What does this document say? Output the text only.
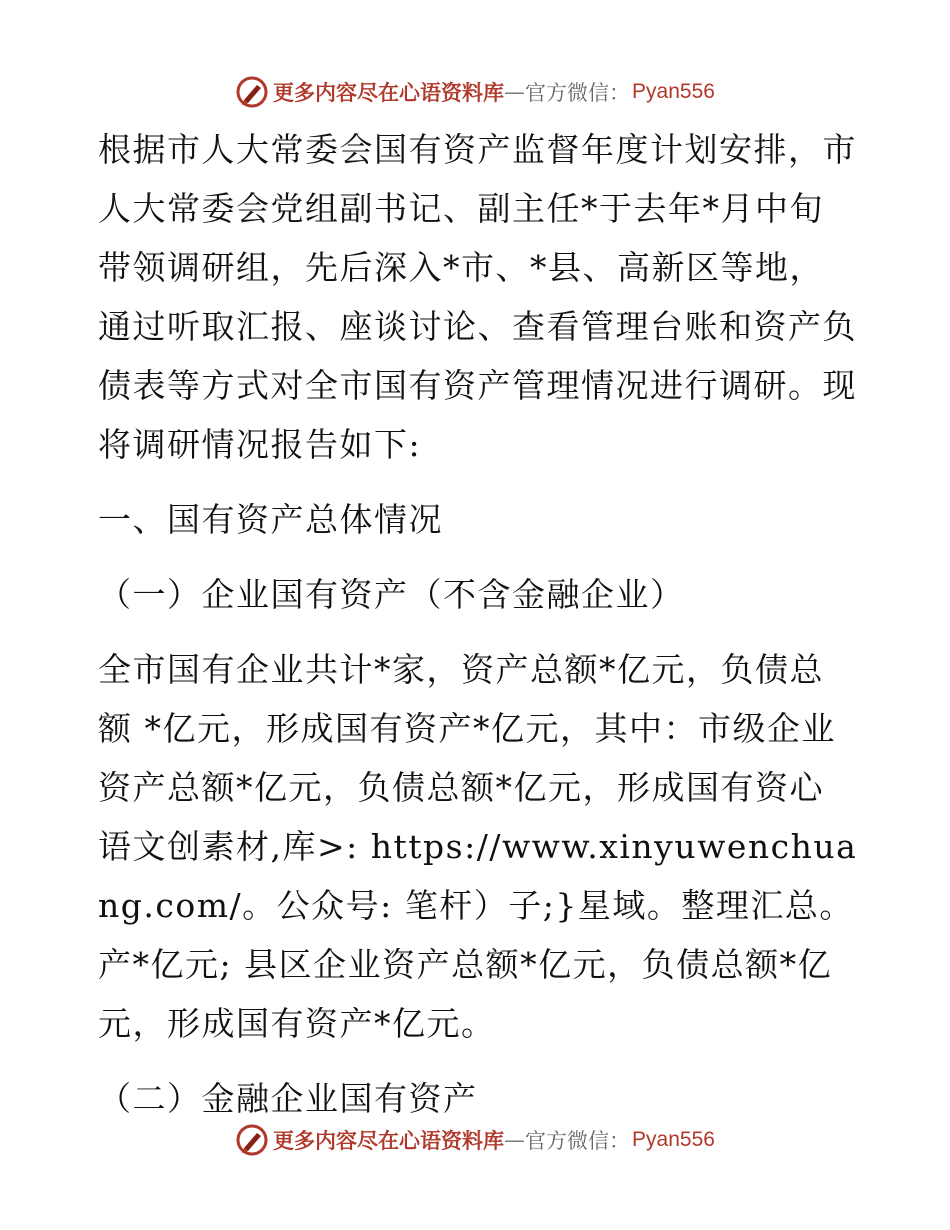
更多内容尽在心语资料库 — 官方微信： Pyan556

根据市人大常委会国有资产监督年度计划安排，市人大常委会党组副书记、副主任*于去年*月中旬带领调研组，先后深入*市、*县、高新区等地，通过听取汇报、座谈讨论、查看管理台账和资产负债表等方式对全市国有资产管理情况进行调研。现将调研情况报告如下:

一、国有资产总体情况

（一）企业国有资产（不含金融企业）

全市国有企业共计*家，资产总额*亿元，负债总额 *亿元，形成国有资产*亿元，其中：市级企业资产总额*亿元，负债总额*亿元，形成国有资心语文创素材,库>: https://www.xinyuwenchuang.com/。公众号: 笔杆）子;}星域。整理汇总。产*亿元; 县区企业资产总额*亿元，负债总额*亿元，形成国有资产*亿元。

（二）金融企业国有资产

更多内容尽在心语资料库 — 官方微信： Pyan556
